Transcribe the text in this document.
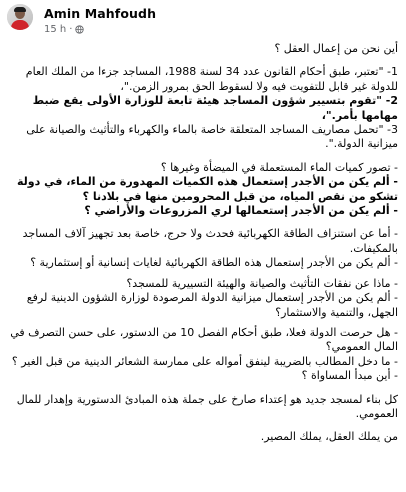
Amin Mahfoudh
15 h ·

أين نحن من إعمال العقل ؟

1- "تعتبر، طبق أحكام القانون عدد 34 لسنة 1988، المساجد جزءا من الملك العام للدولة غير قابل للتفويت فيه ولا لسقوط الحق بمرور الزمن."،

2- "تقوم بتسيير شؤون المساجد هيئة تابعة للوزارة الأولى يقع ضبط مهامها بأمر."،

3- "تحمل مصاريف المساجد المتعلقة خاصة بالماء والكهرباء والتأثيث والصيانة على ميزانية الدولة.".

- تصور كميات الماء المستعملة في الميضأة وغيرها ؟

- ألم يكن من الأجدر إستعمال هذه الكميات المهدورة من الماء، في دولة تشكو من نقص المياه، من قبل المحرومين منها في بلادنا ؟

- ألم يكن من الأجدر إستعمالها لري المزروعات والأراضي ؟

- أما عن استنزاف الطاقة الكهربائية فحدث ولا حرج، خاصة بعد تجهيز آلاف المساجد بالمكيفات.

- ألم يكن من الأجدر إستعمال هذه الطاقة الكهربائية لغايات إنسانية أو إستثمارية ؟

- ماذا عن نفقات التأثيث والصيانة والهيئة التسييرية للمسجد؟

- ألم يكن من الأجدر إستعمال ميزانية الدولة المرصودة لوزارة الشؤون الدينية لرفع الجهل، والتنمية والاستثمار؟

- هل حرصت الدولة فعلا، طبق أحكام الفصل 10 من الدستور، على حسن التصرف في المال العمومي؟

- ما دخل المطالب بالضريبة لينفق أمواله على ممارسة الشعائر الدينية من قبل الغير ؟

- أين مبدأ المساواة ؟

كل بناء لمسجد جديد هو إعتداء صارخ على جملة هذه المبادئ الدستورية وإهدار للمال العمومي.

من يملك العقل، يملك المصير.
